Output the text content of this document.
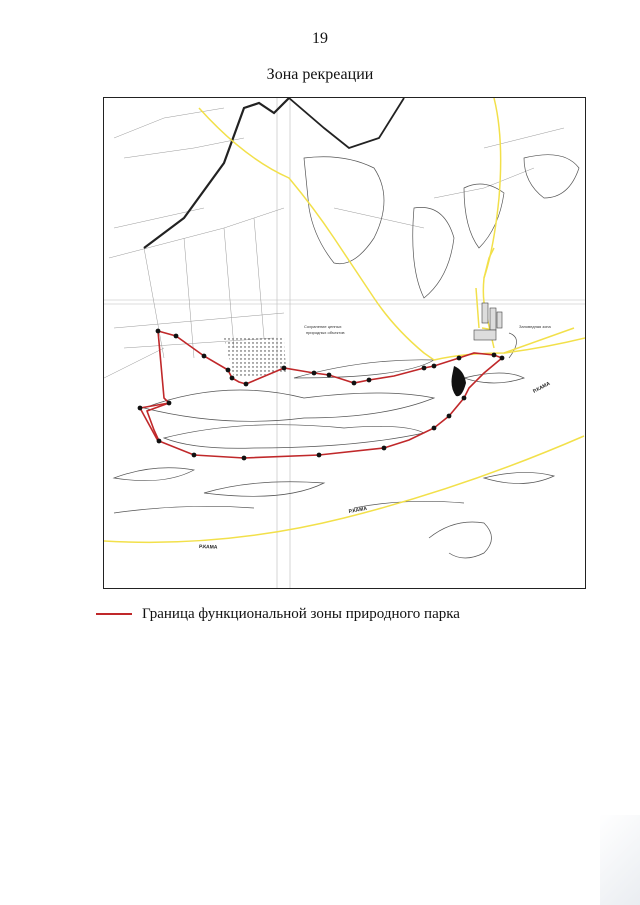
19
Зона рекреации
Сохранение ценных
природных объектов
Заповедная зона
Р.КАМА
Р.КАМА
Р.КАМА
Граница функциональной зоны природного парка
